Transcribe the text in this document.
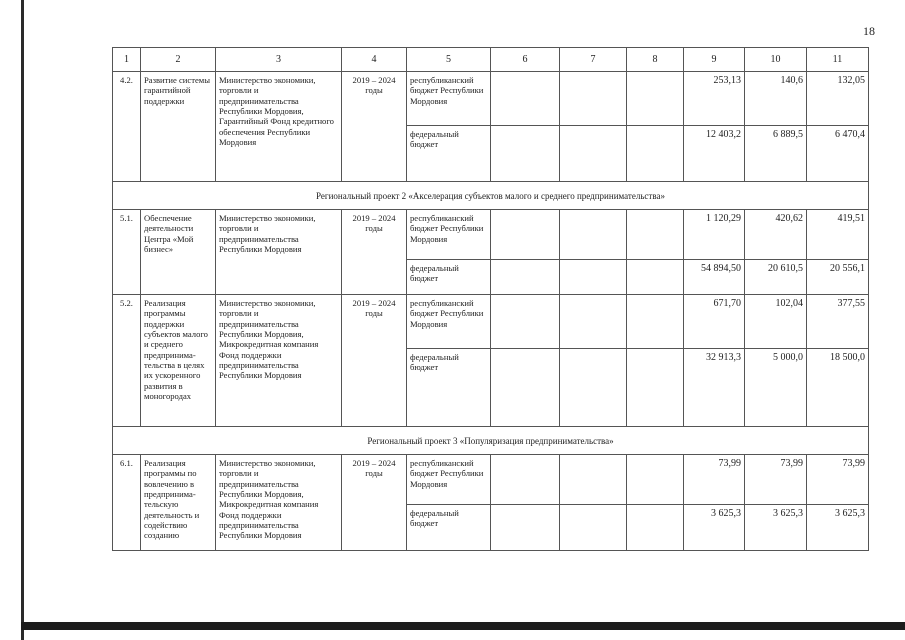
18
1	2	3	4	5	6	7	8	9	10	11
4.2.	Развитие системы гарантийной поддержки	Министерство экономики, торговли и предпринимательства Республики Мордовия, Гарантийный Фонд кредитного обеспечения Республики Мордовия	2019 – 2024 годы	республиканский бюджет Республики Мордовия				253,13	140,6	132,05
				федеральный бюджет				12 403,2	6 889,5	6 470,4
Региональный проект 2 «Акселерация субъектов малого и среднего предпринимательства»										
5.1.	Обеспечение деятельности Центра «Мой бизнес»	Министерство экономики, торговли и предпринимательства Республики Мордовия	2019 – 2024 годы	республиканский бюджет Республики Мордовия				1 120,29	420,62	419,51
				федеральный бюджет				54 894,50	20 610,5	20 556,1
5.2.	Реализация программы поддержки субъектов малого и среднего предпринима-тельства в целях их ускоренного развития в моногородах	Министерство экономики, торговли и предпринимательства Республики Мордовия, Микрокредитная компания Фонд поддержки предпринимательства Республики Мордовия	2019 – 2024 годы	республиканский бюджет Республики Мордовия				671,70	102,04	377,55
				федеральный бюджет				32 913,3	5 000,0	18 500,0
Региональный проект 3 «Популяризация предпринимательства»										
6.1.	Реализация программы по вовлечению в предпринима-тельскую деятельность и содействию созданию	Министерство экономики, торговли и предпринимательства Республики Мордовия, Микрокредитная компания Фонд поддержки предпринимательства Республики Мордовия	2019 – 2024 годы	республиканский бюджет Республики Мордовия				73,99	73,99	73,99
				федеральный бюджет				3 625,3	3 625,3	3 625,3
